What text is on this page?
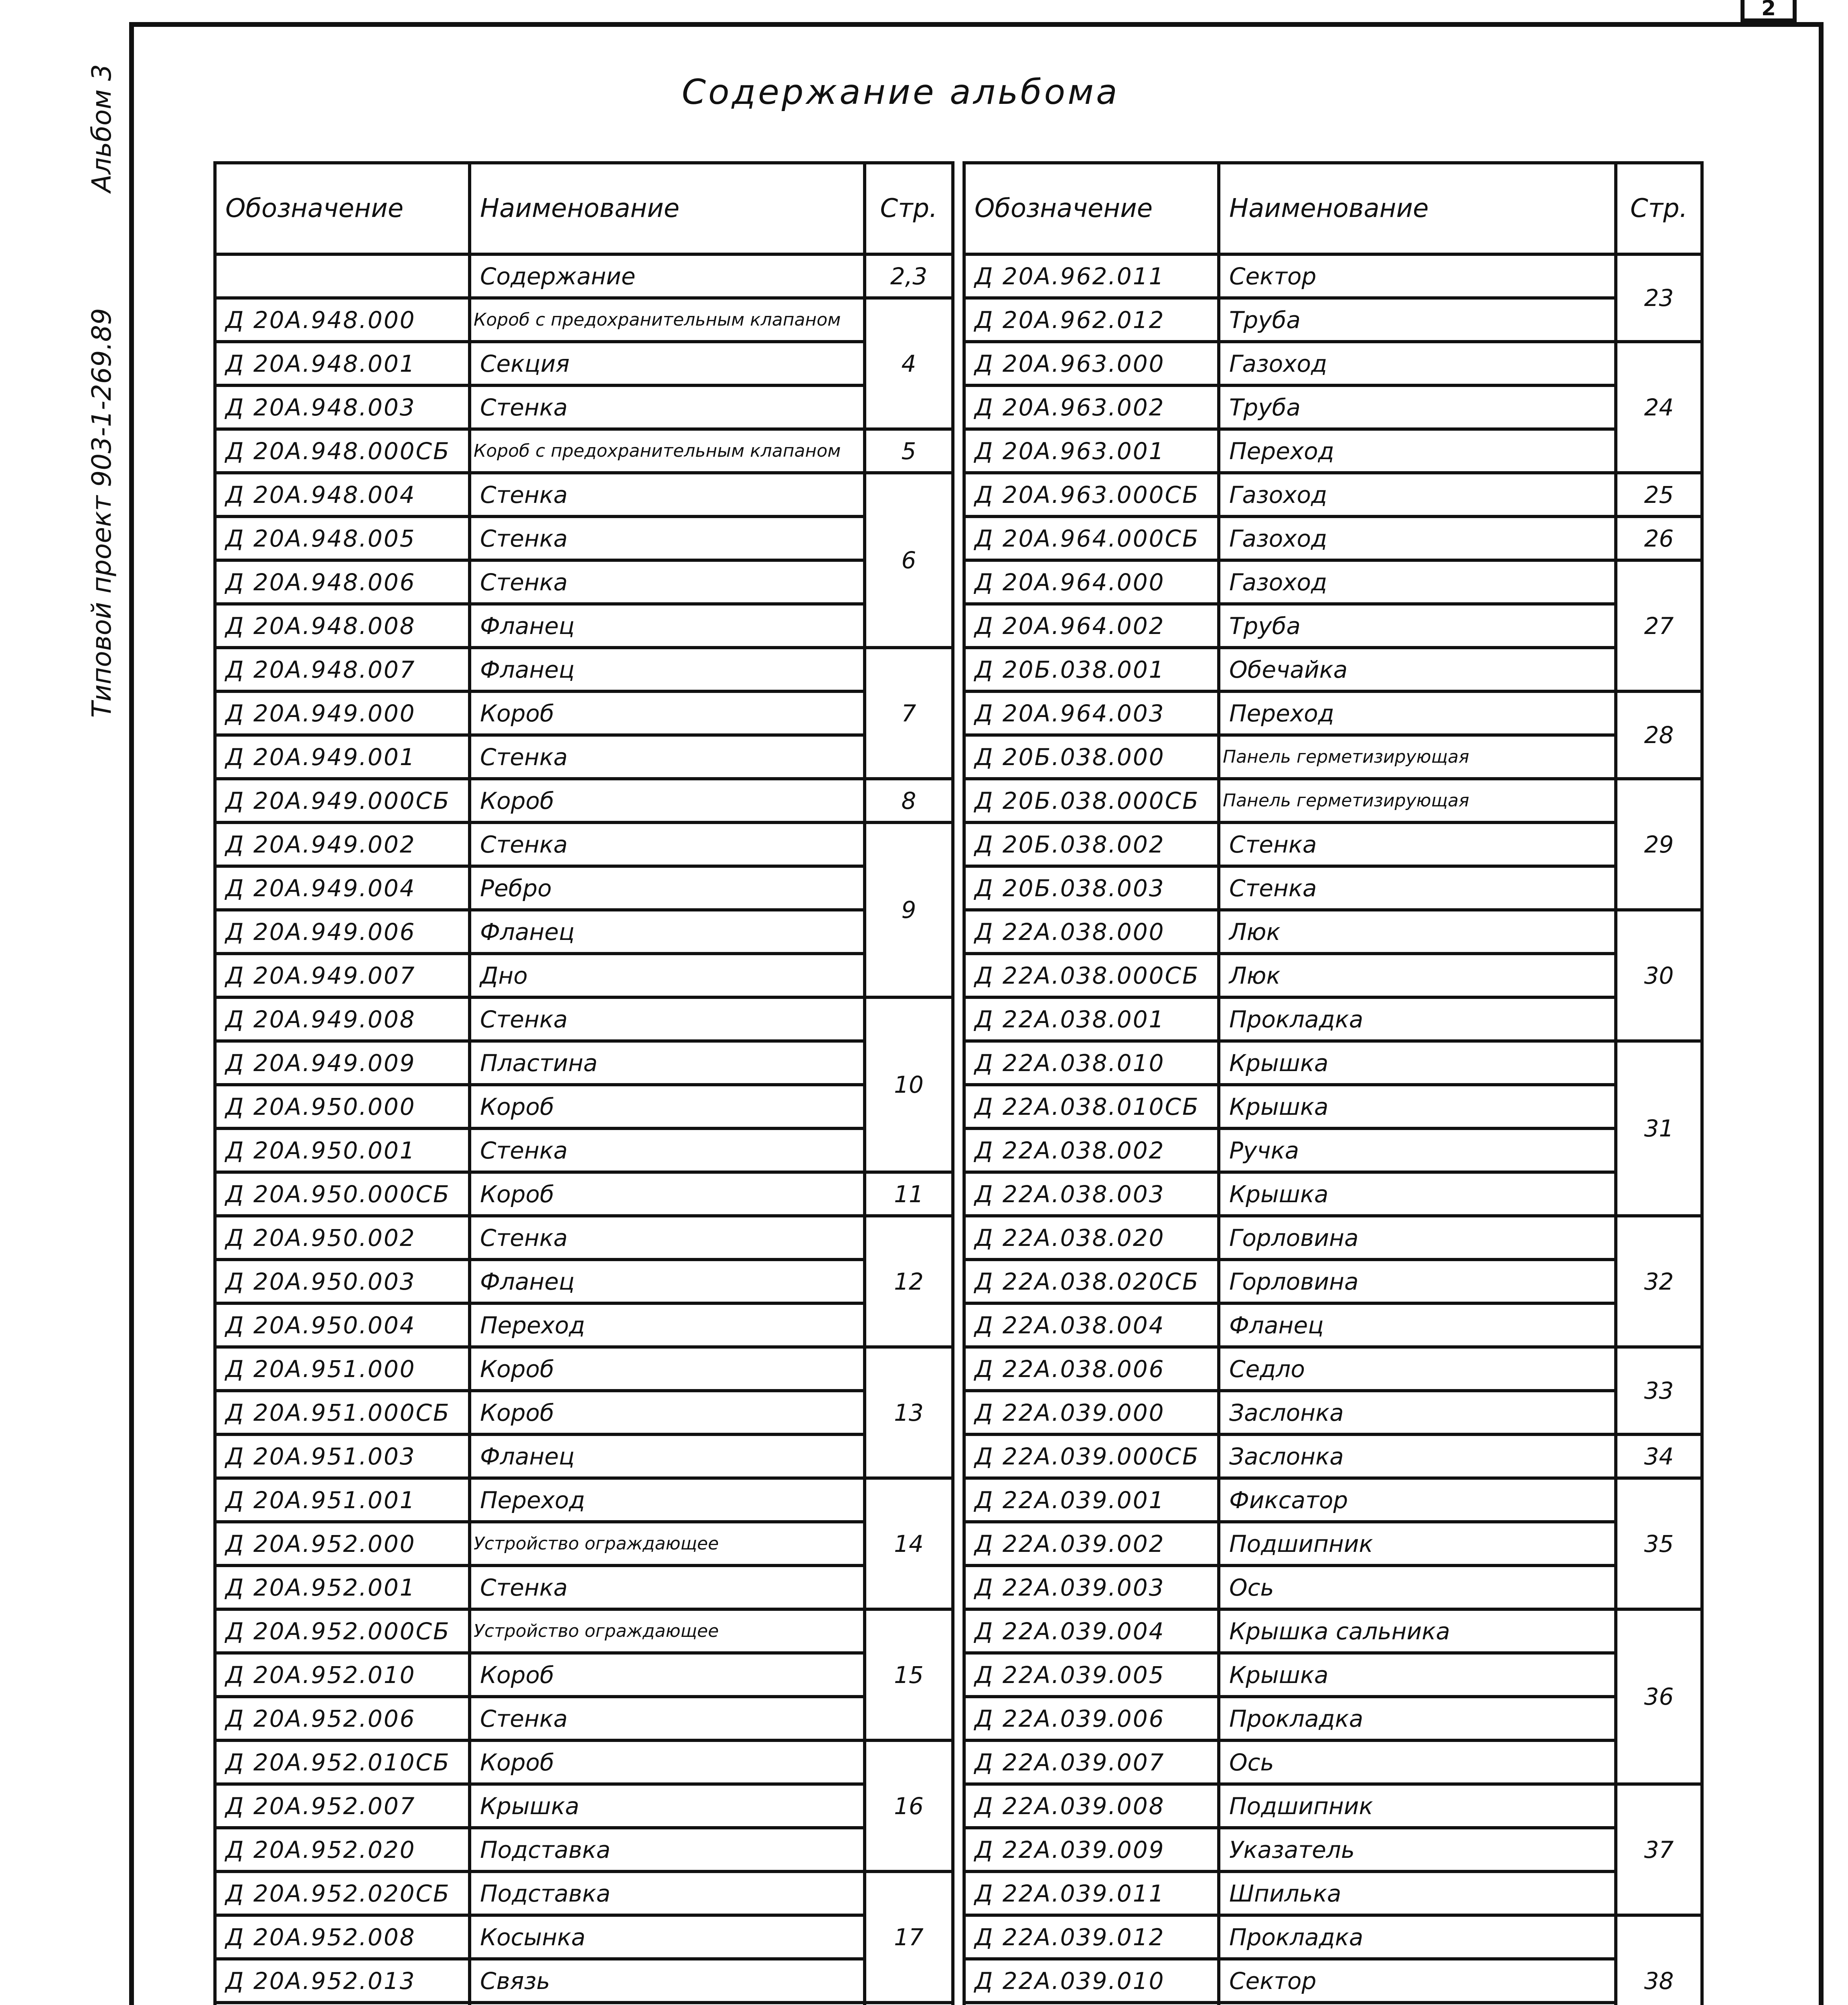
2
Альбом 3
Типовой проект 903-1-269.89
Содержание альбома
Обозначение	Наименование	Стр.
	Содержание	2,3
Д 20А.948.000	Короб с предохранительным клапаном	4
Д 20А.948.001	Секция	
Д 20А.948.003	Стенка	
Д 20А.948.000СБ	Короб с предохранительным клапаном	5
Д 20А.948.004	Стенка	6
Д 20А.948.005	Стенка	
Д 20А.948.006	Стенка	
Д 20А.948.008	Фланец	
Д 20А.948.007	Фланец	7
Д 20А.949.000	Короб	
Д 20А.949.001	Стенка	
Д 20А.949.000СБ	Короб	8
Д 20А.949.002	Стенка	9
Д 20А.949.004	Ребро	
Д 20А.949.006	Фланец	
Д 20А.949.007	Дно	
Д 20А.949.008	Стенка	10
Д 20А.949.009	Пластина	
Д 20А.950.000	Короб	
Д 20А.950.001	Стенка	
Д 20А.950.000СБ	Короб	11
Д 20А.950.002	Стенка	12
Д 20А.950.003	Фланец	
Д 20А.950.004	Переход	
Д 20А.951.000	Короб	13
Д 20А.951.000СБ	Короб	
Д 20А.951.003	Фланец	
Д 20А.951.001	Переход	14
Д 20А.952.000	Устройство ограждающее	
Д 20А.952.001	Стенка	
Д 20А.952.000СБ	Устройство ограждающее	15
Д 20А.952.010	Короб	
Д 20А.952.006	Стенка	
Д 20А.952.010СБ	Короб	16
Д 20А.952.007	Крышка	
Д 20А.952.020	Подставка	
Д 20А.952.020СБ	Подставка	17
Д 20А.952.008	Косынка	
Д 20А.952.013	Связь	

Обозначение	Наименование	Стр.
Д 20А.962.011	Сектор	23
Д 20А.962.012	Труба	
Д 20А.963.000	Газоход	24
Д 20А.963.002	Труба	
Д 20А.963.001	Переход	
Д 20А.963.000СБ	Газоход	25
Д 20А.964.000СБ	Газоход	26
Д 20А.964.000	Газоход	27
Д 20А.964.002	Труба	
Д 20Б.038.001	Обечайка	
Д 20А.964.003	Переход	28
Д 20Б.038.000	Панель герметизирующая	
Д 20Б.038.000СБ	Панель герметизирующая	29
Д 20Б.038.002	Стенка	
Д 20Б.038.003	Стенка	
Д 22А.038.000	Люк	30
Д 22А.038.000СБ	Люк	
Д 22А.038.001	Прокладка	
Д 22А.038.010	Крышка	31
Д 22А.038.010СБ	Крышка	
Д 22А.038.002	Ручка	
Д 22А.038.003	Крышка	
Д 22А.038.020	Горловина	32
Д 22А.038.020СБ	Горловина	
Д 22А.038.004	Фланец	
Д 22А.038.006	Седло	33
Д 22А.039.000	Заслонка	
Д 22А.039.000СБ	Заслонка	34
Д 22А.039.001	Фиксатор	35
Д 22А.039.002	Подшипник	
Д 22А.039.003	Ось	
Д 22А.039.004	Крышка сальника	36
Д 22А.039.005	Крышка	
Д 22А.039.006	Прокладка	
Д 22А.039.007	Ось	
Д 22А.039.008	Подшипник	37
Д 22А.039.009	Указатель	
Д 22А.039.011	Шпилька	
Д 22А.039.012	Прокладка	38
Д 22А.039.010	Сектор	
